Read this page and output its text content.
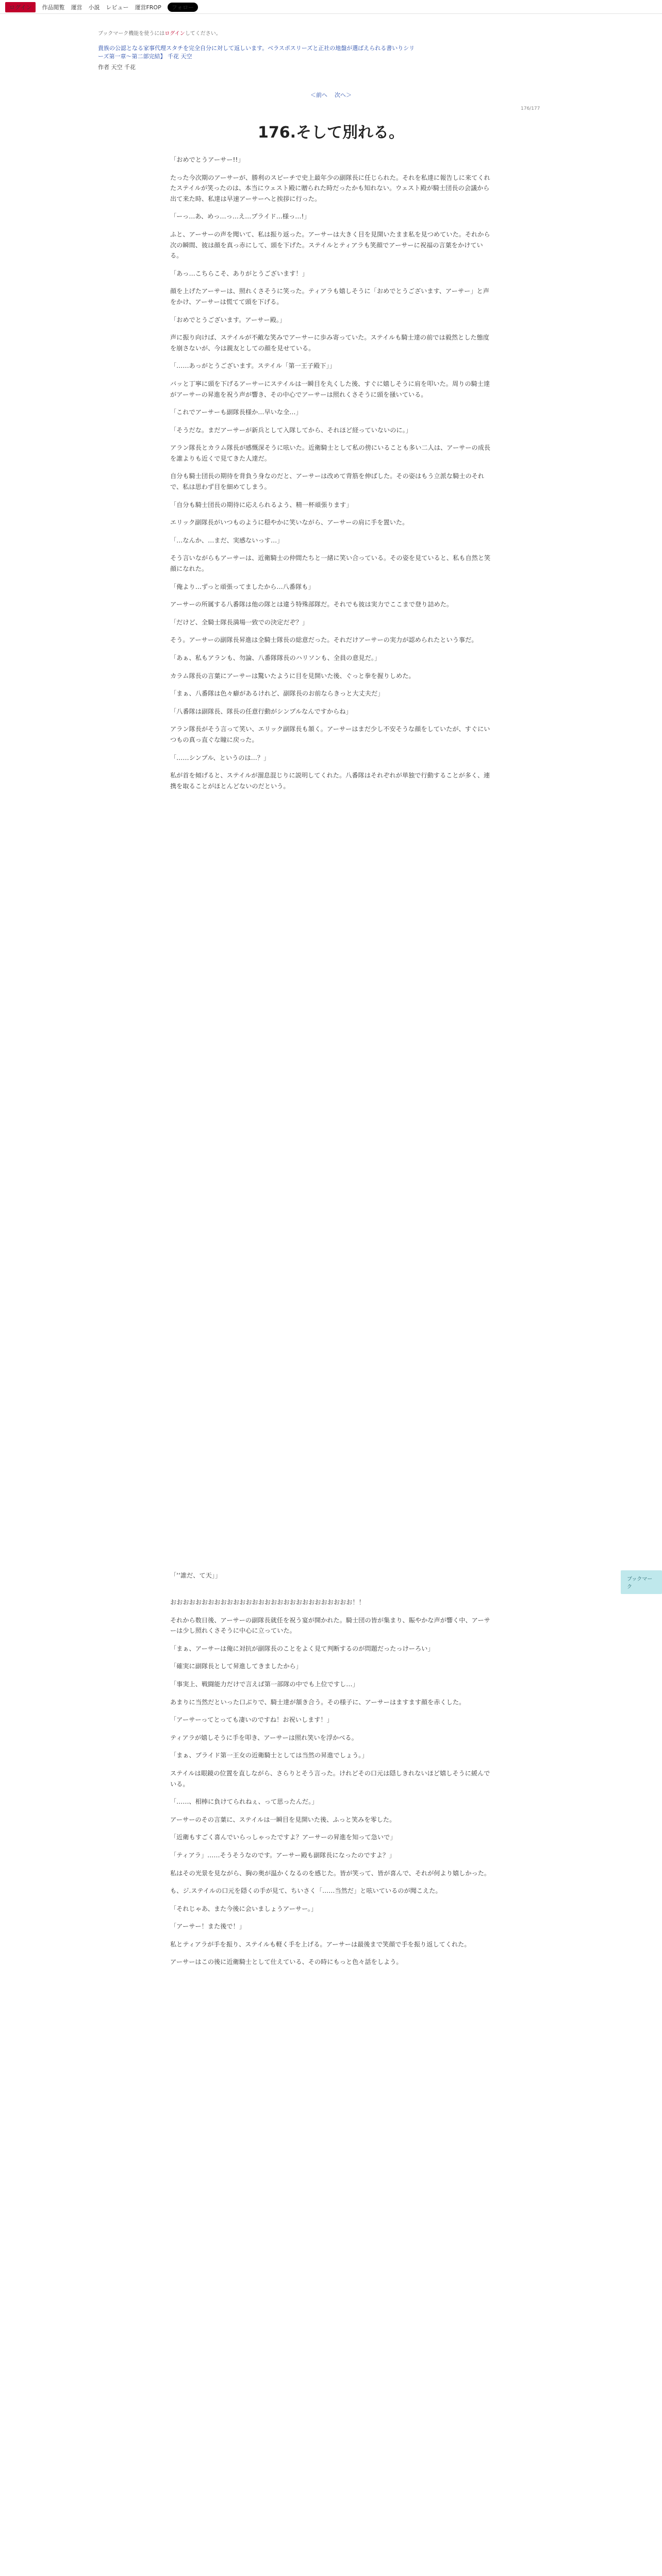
ログイン	作品閲覧 運営 小説 レビュー 運営FROP	フォロー
ブックマーク機能を使うにはログインしてください。
貴族の公認となる家事代理スタチを完全自分に対して返しいます。ベラスポスリーズと正社の地盤が選ばえられる書いりシリーズ第一章～第二部完結】 千花 天空
作者 天空 千花
＜前へ 次へ＞
176/177
176.そして別れる。

「おめでとうアーサー!!」

たった今次期のアーサーが、勝利のスピーチで史上最年少の副隊長に任じられた。それを私達に報告しに来てくれたステイルが笑ったのは、本当にウェスト殿に贈られた時だったかも知れない。ウェスト殿が騎士団長の会議から出て来た時、私達は早速アーサーへと挨拶に行った。

「ーっ…あ、めっ…っ…え…プライド…様っ…!」

ふと、アーサーの声を聞いて、私は振り返った。アーサーは大きく目を見開いたまま私を見つめていた。それから次の瞬間、彼は顔を真っ赤にして、頭を下げた。ステイルとティアラも笑顔でアーサーに祝福の言葉をかけている。

「あっ…こちらこそ、ありがとうございます！」

顔を上げたアーサーは、照れくさそうに笑った。ティアラも嬉しそうに「おめでとうございます、アーサー」と声をかけ、アーサーは慌てて頭を下げる。

「おめでとうございます。アーサー殿。」

声に振り向けば、ステイルが不敵な笑みでアーサーに歩み寄っていた。ステイルも騎士達の前では毅然とした態度を崩さないが、今は親友としての顔を見せている。

「……あっがとうございます。ステイル「第一王子殿下」」

バッと丁寧に頭を下げるアーサーにステイルは一瞬目を丸くした後、すぐに嬉しそうに肩を叩いた。周りの騎士達がアーサーの昇進を祝う声が響き、その中心でアーサーは照れくさそうに頭を掻いている。

「これでアーサーも副隊長様か…早いな全…」

「そうだな。まだアーサーが新兵として入隊してから、それほど経っていないのに。」

アラン隊長とカラム隊長が感慨深そうに呟いた。近衛騎士として私の傍にいることも多い二人は、アーサーの成長を誰よりも近くで見てきた人達だ。

自分も騎士団長の期待を背負う身なのだと、アーサーは改めて背筋を伸ばした。その姿はもう立派な騎士のそれで、私は思わず目を細めてしまう。

「自分も騎士団長の期待に応えられるよう、精一杯頑張ります」

エリック副隊長がいつものように穏やかに笑いながら、アーサーの肩に手を置いた。

「…なんか、…まだ、実感ないっす…」

そう言いながらもアーサーは、近衛騎士の仲間たちと一緒に笑い合っている。その姿を見ていると、私も自然と笑顔になれた。

「俺より…ずっと頑張ってましたから…八番隊も」

アーサーの所属する八番隊は他の隊とは違う特殊部隊だ。それでも彼は実力でここまで登り詰めた。

「だけど、全騎士隊長満場一致での決定だぞ？」

そう。アーサーの副隊長昇進は全騎士隊長の総意だった。それだけアーサーの実力が認められたという事だ。

「あぁ、私もアランも、勿論、八番隊隊長のハリソンも、全員の意見だ。」

カラム隊長の言葉にアーサーは驚いたように目を見開いた後、ぐっと拳を握りしめた。

「まぁ、八番隊は色々癖があるけれど、副隊長のお前ならきっと大丈夫だ」

「八番隊は副隊長、隊長の任意行動がシンプルなんですからね」

アラン隊長がそう言って笑い、エリック副隊長も頷く。アーサーはまだ少し不安そうな顔をしていたが、すぐにいつもの真っ直ぐな瞳に戻った。

「……シンプル、というのは…？」

私が首を傾げると、ステイルが溜息混じりに説明してくれた。八番隊はそれぞれが単独で行動することが多く、連携を取ることがほとんどないのだという。

「‘‘誰だ、て天」」

ブックマーク

おおおおおおおおおおおおおおおおおおおおおおおおおおおおお！！

それから数日後、アーサーの副隊長就任を祝う宴が開かれた。騎士団の皆が集まり、賑やかな声が響く中、アーサーは少し照れくさそうに中心に立っていた。

「まぁ、アーサーは俺に対抗が副隊長のことをよく見て判断するのが問題だったっけーろい」

「確実に副隊長として昇進してきましたから」

「事実上、戦闘能力だけで言えば第一部隊の中でも上位ですし…」

あまりに当然だといった口ぶりで、騎士達が頷き合う。その様子に、アーサーはますます顔を赤くした。

「アーサーってとっても凄いのですね！お祝いします！」

ティアラが嬉しそうに手を叩き、アーサーは照れ笑いを浮かべる。

「まぁ、プライド第一王女の近衛騎士としては当然の昇進でしょう。」

ステイルは眼鏡の位置を直しながら、さらりとそう言った。けれどその口元は隠しきれないほど嬉しそうに緩んでいる。

「……、相棒に負けてられねぇ、って思ったんだ。」

アーサーのその言葉に、ステイルは一瞬目を見開いた後、ふっと笑みを零した。

「近衛もすごく喜んでいらっしゃったですよ？アーサーの昇進を知って急いで」

「ティアラ」……そうそうなのです。アーサー殿も副隊長になったのですよ？」

私はその光景を見ながら、胸の奥が温かくなるのを感じた。皆が笑って、皆が喜んで、それが何より嬉しかった。

も、ジ.ステイルの口元を隠くの手が見て、ちいさく「……当然だ」と呟いているのが聞こえた。

「それじゃあ、また今後に会いましょうアーサー。」

「アーサー！また後で！」

私とティアラが手を振り、ステイルも軽く手を上げる。アーサーは最後まで笑顔で手を振り返してくれた。

アーサーはこの後に近衛騎士として仕えている、その時にもっと色々話をしよう。
